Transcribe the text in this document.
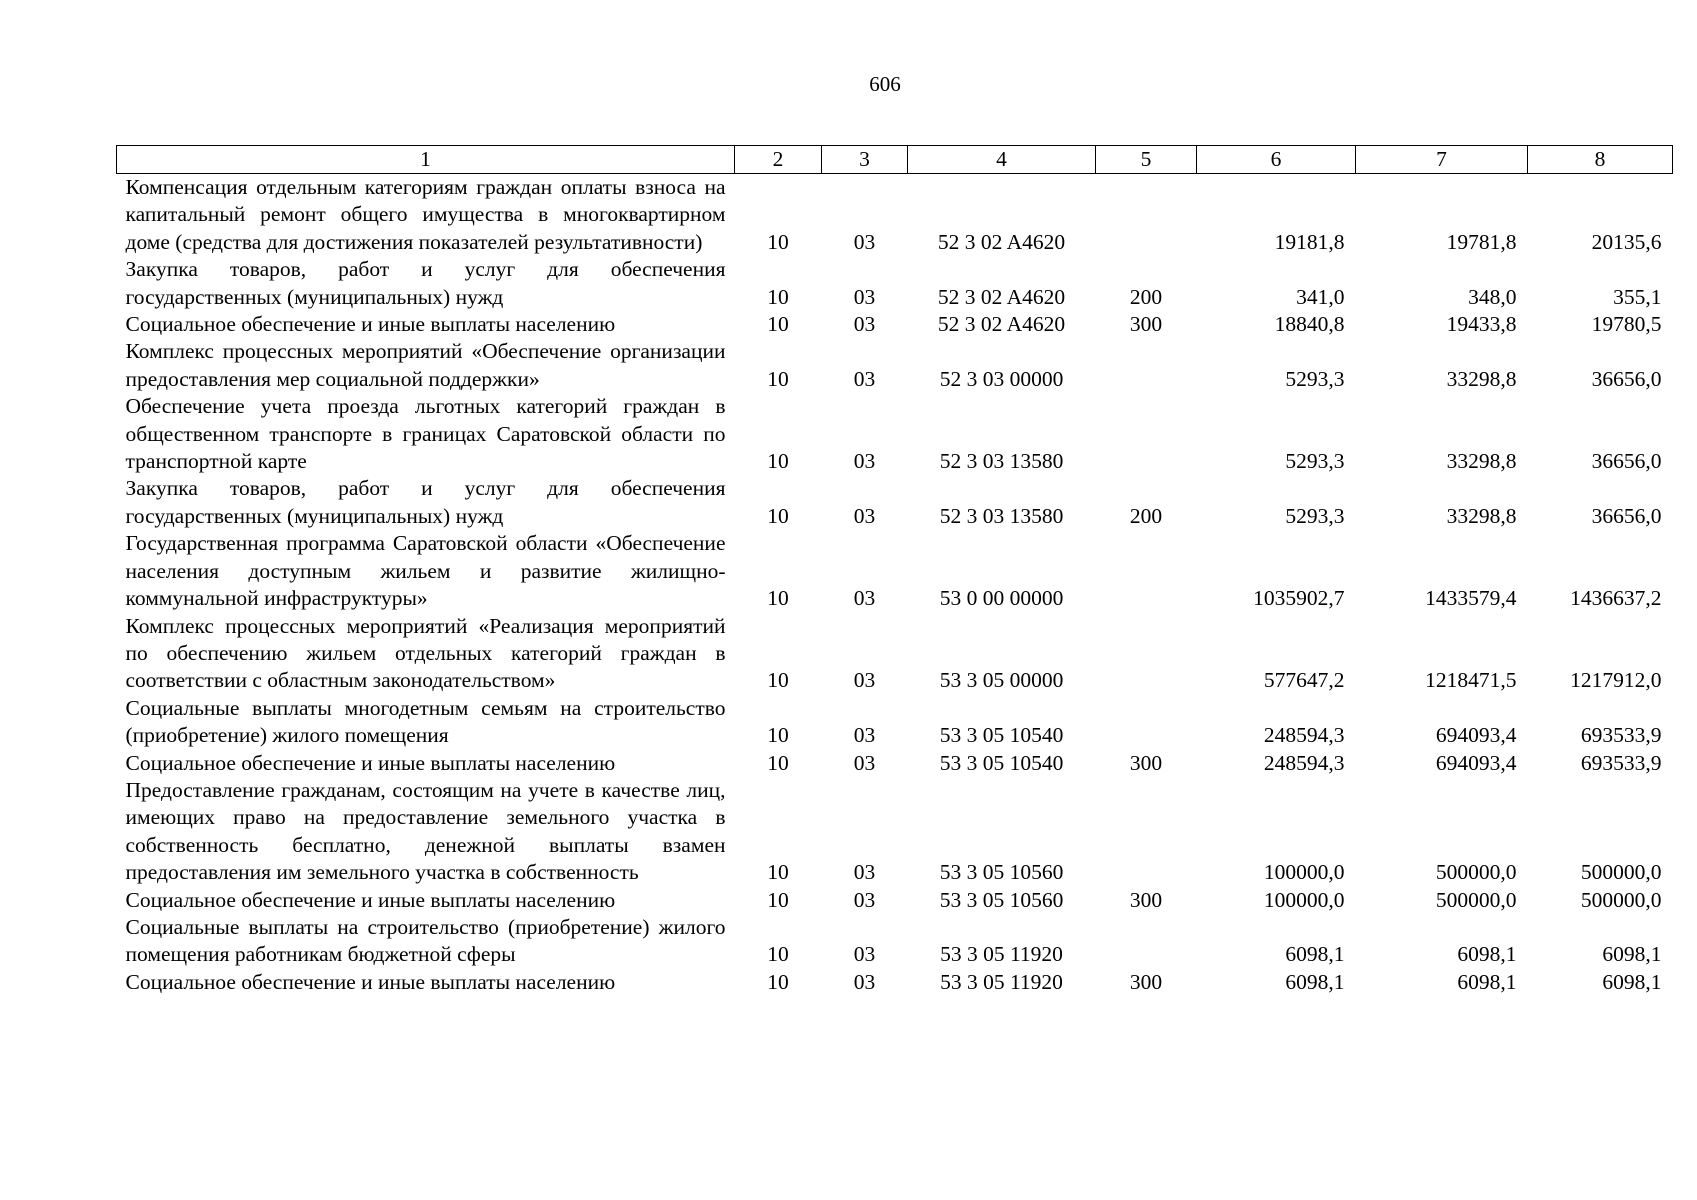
606
1	2	3	4	5	6	7	8
Компенсация отдельным категориям граждан оплаты взноса на капитальный ремонт общего имущества в многоквартирном доме (средства для достижения показателей результативности)	10	03	52 3 02 A4620		19181,8	19781,8	20135,6
Закупка товаров, работ и услуг для обеспечения государственных (муниципальных) нужд	10	03	52 3 02 A4620	200	341,0	348,0	355,1
Социальное обеспечение и иные выплаты населению	10	03	52 3 02 A4620	300	18840,8	19433,8	19780,5
Комплекс процессных мероприятий «Обеспечение организации предоставления мер социальной поддержки»	10	03	52 3 03 00000		5293,3	33298,8	36656,0
Обеспечение учета проезда льготных категорий граждан в общественном транспорте в границах Саратовской области по транспортной карте	10	03	52 3 03 13580		5293,3	33298,8	36656,0
Закупка товаров, работ и услуг для обеспечения государственных (муниципальных) нужд	10	03	52 3 03 13580	200	5293,3	33298,8	36656,0
Государственная программа Саратовской области «Обеспечение населения доступным жильем и развитие жилищно-коммунальной инфраструктуры»	10	03	53 0 00 00000		1035902,7	1433579,4	1436637,2
Комплекс процессных мероприятий «Реализация мероприятий по обеспечению жильем отдельных категорий граждан в соответствии с областным законодательством»	10	03	53 3 05 00000		577647,2	1218471,5	1217912,0
Социальные выплаты многодетным семьям на строительство (приобретение) жилого помещения	10	03	53 3 05 10540		248594,3	694093,4	693533,9
Социальное обеспечение и иные выплаты населению	10	03	53 3 05 10540	300	248594,3	694093,4	693533,9
Предоставление гражданам, состоящим на учете в качестве лиц, имеющих право на предоставление земельного участка в собственность бесплатно, денежной выплаты взамен предоставления им земельного участка в собственность	10	03	53 3 05 10560		100000,0	500000,0	500000,0
Социальное обеспечение и иные выплаты населению	10	03	53 3 05 10560	300	100000,0	500000,0	500000,0
Социальные выплаты на строительство (приобретение) жилого помещения работникам бюджетной сферы	10	03	53 3 05 11920		6098,1	6098,1	6098,1
Социальное обеспечение и иные выплаты населению	10	03	53 3 05 11920	300	6098,1	6098,1	6098,1
